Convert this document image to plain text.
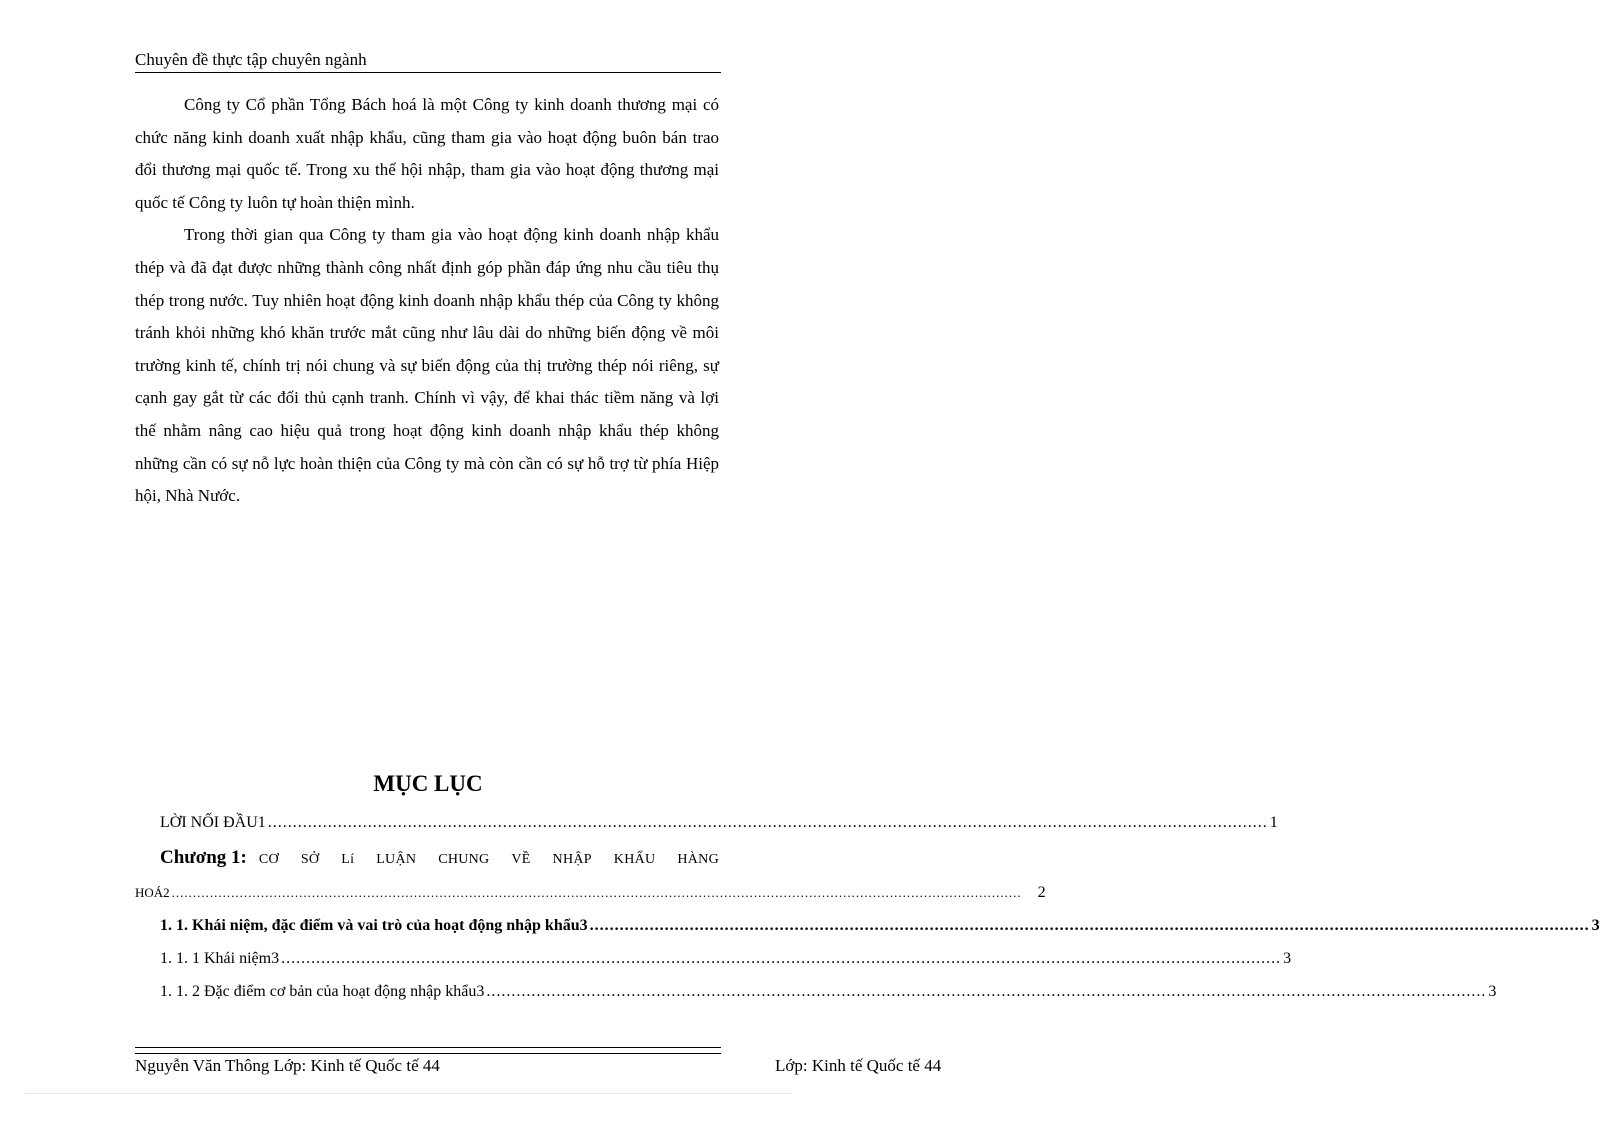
Chuyên đề thực tập chuyên ngành

Công ty Cổ phần Tổng Bách hoá là một Công ty kinh doanh thương mại có chức năng kinh doanh xuất nhập khẩu, cũng tham gia vào hoạt động buôn bán trao đổi thương mại quốc tế. Trong xu thế hội nhập, tham gia vào hoạt động thương mại quốc tế Công ty luôn tự hoàn thiện mình.

Trong thời gian qua Công ty tham gia vào hoạt động kinh doanh nhập khẩu thép và đã đạt được những thành công nhất định góp phần đáp ứng nhu cầu tiêu thụ thép trong nước. Tuy nhiên hoạt động kinh doanh nhập khẩu thép của Công ty không tránh khỏi những khó khăn trước mắt cũng như lâu dài do những biến động về môi trường kinh tế, chính trị nói chung và sự biến động của thị trường thép nói riêng, sự cạnh gay gắt từ các đối thủ cạnh tranh. Chính vì vậy, để khai thác tiềm năng và lợi thế nhằm nâng cao hiệu quả trong hoạt động kinh doanh nhập khẩu thép không những cần có sự nỗ lực hoàn thiện của Công ty mà còn cần có sự hỗ trợ từ phía Hiệp hội, Nhà Nước.

MỤC LỤC
LỜI NỐI ĐẦU1 .....	1
Chương 1: CƠ SỞ Lí LUẬN CHUNG VỀ NHẬP KHẨU HÀNG
HOÁ2 .....	2
1. 1. Khái niệm, đặc điểm và vai trò của hoạt động nhập khẩu3 .....	3
1. 1. 1 Khái niệm3 .....	3
1. 1. 2 Đặc điểm cơ bản của hoạt động nhập khẩu3 .....	3
Nguyễn Văn Thông Lớp: Kinh tế Quốc tế 44	Lớp: Kinh tế Quốc tế 44
